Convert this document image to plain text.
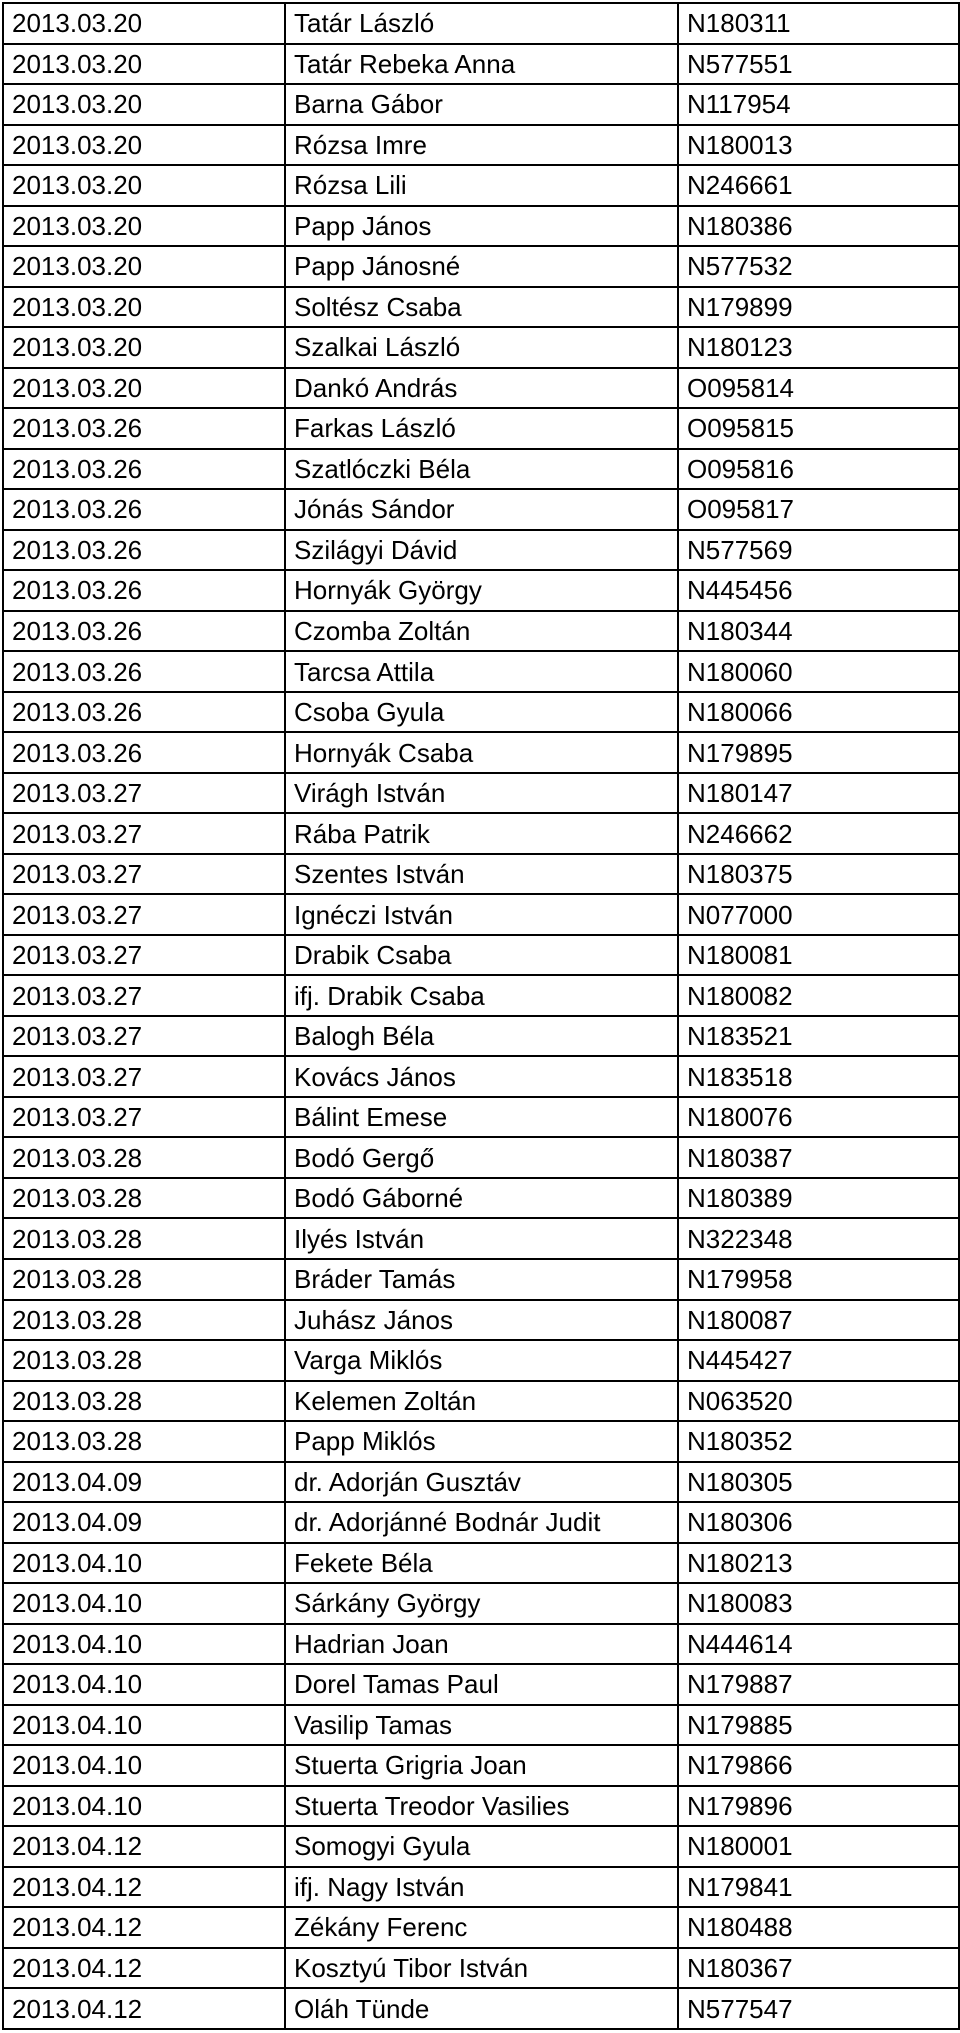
2013.03.20	Tatár László	N180311
2013.03.20	Tatár Rebeka Anna	N577551
2013.03.20	Barna Gábor	N117954
2013.03.20	Rózsa Imre	N180013
2013.03.20	Rózsa Lili	N246661
2013.03.20	Papp János	N180386
2013.03.20	Papp Jánosné	N577532
2013.03.20	Soltész Csaba	N179899
2013.03.20	Szalkai László	N180123
2013.03.20	Dankó András	O095814
2013.03.26	Farkas László	O095815
2013.03.26	Szatlóczki Béla	O095816
2013.03.26	Jónás Sándor	O095817
2013.03.26	Szilágyi Dávid	N577569
2013.03.26	Hornyák György	N445456
2013.03.26	Czomba Zoltán	N180344
2013.03.26	Tarcsa Attila	N180060
2013.03.26	Csoba Gyula	N180066
2013.03.26	Hornyák Csaba	N179895
2013.03.27	Virágh István	N180147
2013.03.27	Rába Patrik	N246662
2013.03.27	Szentes István	N180375
2013.03.27	Ignéczi István	N077000
2013.03.27	Drabik Csaba	N180081
2013.03.27	ifj. Drabik Csaba	N180082
2013.03.27	Balogh Béla	N183521
2013.03.27	Kovács János	N183518
2013.03.27	Bálint Emese	N180076
2013.03.28	Bodó Gergő	N180387
2013.03.28	Bodó Gáborné	N180389
2013.03.28	Ilyés István	N322348
2013.03.28	Bráder Tamás	N179958
2013.03.28	Juhász János	N180087
2013.03.28	Varga Miklós	N445427
2013.03.28	Kelemen Zoltán	N063520
2013.03.28	Papp Miklós	N180352
2013.04.09	dr. Adorján Gusztáv	N180305
2013.04.09	dr. Adorjánné Bodnár Judit	N180306
2013.04.10	Fekete Béla	N180213
2013.04.10	Sárkány György	N180083
2013.04.10	Hadrian Joan	N444614
2013.04.10	Dorel Tamas Paul	N179887
2013.04.10	Vasilip Tamas	N179885
2013.04.10	Stuerta Grigria Joan	N179866
2013.04.10	Stuerta Treodor Vasilies	N179896
2013.04.12	Somogyi Gyula	N180001
2013.04.12	ifj. Nagy István	N179841
2013.04.12	Zékány Ferenc	N180488
2013.04.12	Kosztyú Tibor István	N180367
2013.04.12	Oláh Tünde	N577547
